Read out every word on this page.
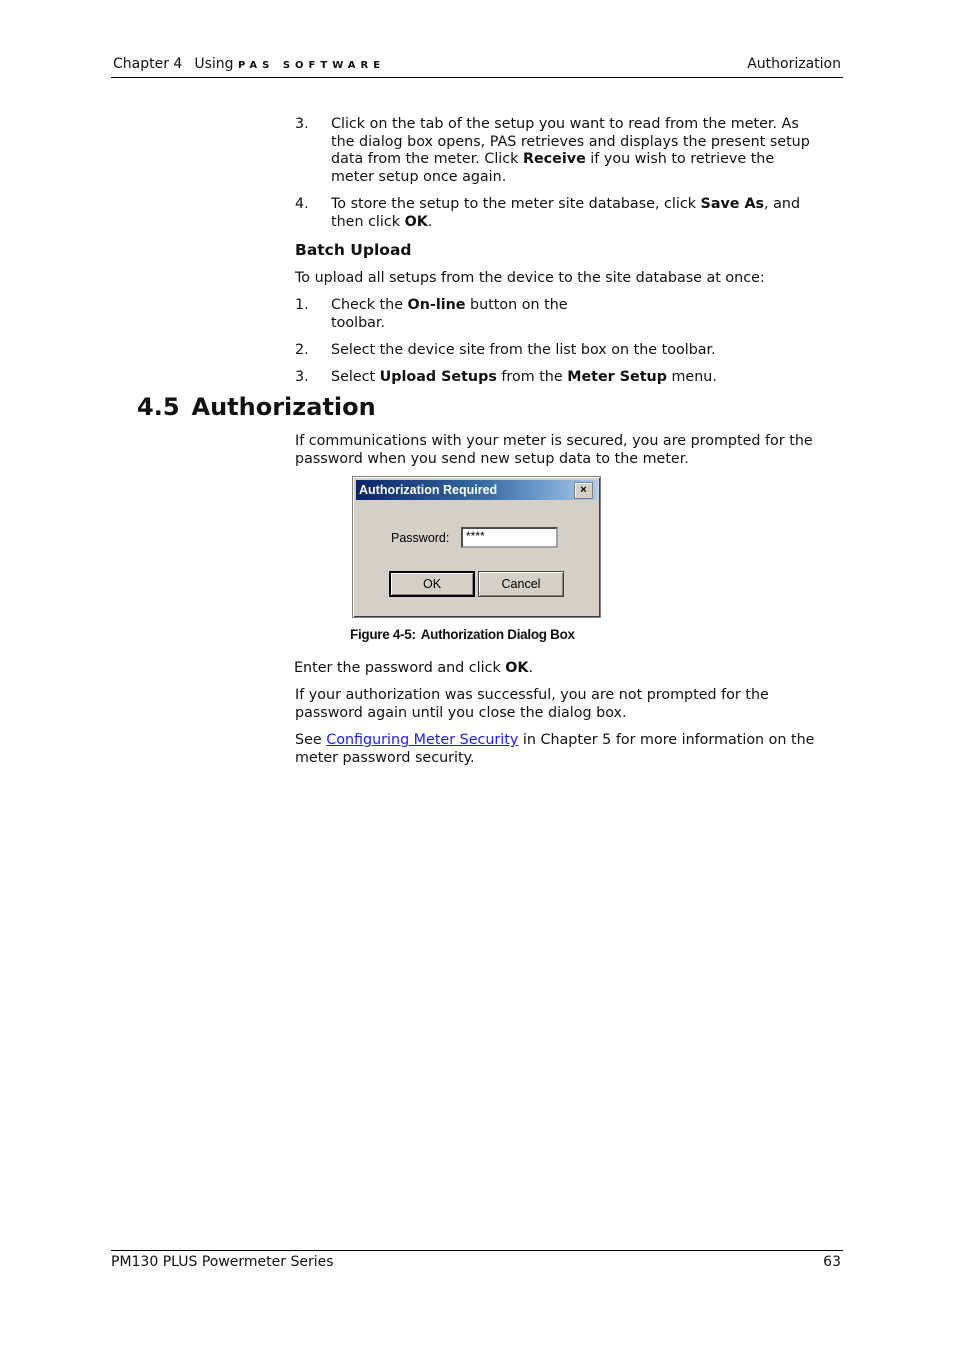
Chapter 4 Using PAS SOFTWARE	Authorization
3.	Click on the tab of the setup you want to read from the meter. As the dialog box opens, PAS retrieves and displays the present setup data from the meter. Click Receive if you wish to retrieve the meter setup once again.
4.	To store the setup to the meter site database, click Save As, and then click OK.
Batch Upload
To upload all setups from the device to the site database at once:
1.	Check the On-line button on the toolbar.
2.	Select the device site from the list box on the toolbar.
3.	Select Upload Setups from the Meter Setup menu.
4.5 Authorization
If communications with your meter is secured, you are prompted for the password when you send new setup data to the meter.
Authorization Required	×
Password:	****
OK	Cancel
Figure 4-5: Authorization Dialog Box
Enter the password and click OK.
If your authorization was successful, you are not prompted for the password again until you close the dialog box.
See Configuring Meter Security in Chapter 5 for more information on the meter password security.
PM130 PLUS Powermeter Series	63
